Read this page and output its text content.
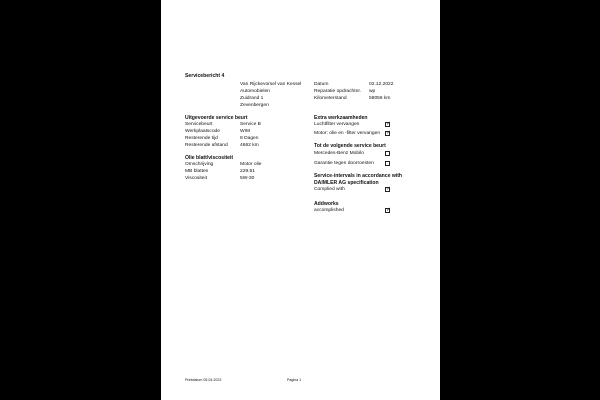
Servicebericht 4
Van Rijckevorsel van Kessel
Automobielen
Zuidrand 1
Zevenbergen
Datum	02.12.2022
Reparatie opdrachtnr. wp
Kilometerstand	58056 km
Uitgevoerde service beurt
Servicebeurt	Service B
Werkplaatscode	WIM
Resterende tijd	8 Dagen
Resterende afstand	4662 km
Olie blatt/viscositeit
Omschrijving	Motor olie
MB blatten	229.51
Viscositeit	5W-30
Extra werkzaamheden
Luchtfilter vervangen
✓
Motor: olie en -filter vervangen
✓
Tot de volgende service beurt
Mercedes-Benz Mobilo
Garantie tegen doorroesten
Service-intervals in accordance with
DAIMLER AG specification
Complied with
✓
Addworks
accomplished
✓
Printdatum 05.04.2023	Pagina 1
